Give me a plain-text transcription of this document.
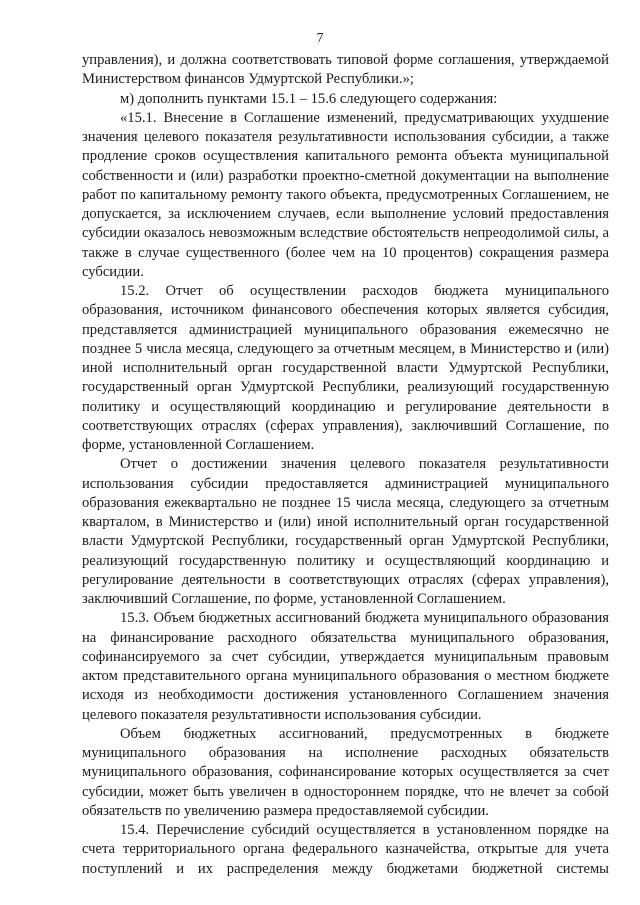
7

управления), и должна соответствовать типовой форме соглашения, утверждаемой Министерством финансов Удмуртской Республики.»;

м) дополнить пунктами 15.1 – 15.6 следующего содержания:

«15.1. Внесение в Соглашение изменений, предусматривающих ухудшение значения целевого показателя результативности использования субсидии, а также продление сроков осуществления капитального ремонта объекта муниципальной собственности и (или) разработки проектно-сметной документации на выполнение работ по капитальному ремонту такого объекта, предусмотренных Соглашением, не допускается, за исключением случаев, если выполнение условий предоставления субсидии оказалось невозможным вследствие обстоятельств непреодолимой силы, а также в случае существенного (более чем на 10 процентов) сокращения размера субсидии.

15.2. Отчет об осуществлении расходов бюджета муниципального образования, источником финансового обеспечения которых является субсидия, представляется администрацией муниципального образования ежемесячно не позднее 5 числа месяца, следующего за отчетным месяцем, в Министерство и (или) иной исполнительный орган государственной власти Удмуртской Республики, государственный орган Удмуртской Республики, реализующий государственную политику и осуществляющий координацию и регулирование деятельности в соответствующих отраслях (сферах управления), заключивший Соглашение, по форме, установленной Соглашением.

Отчет о достижении значения целевого показателя результативности использования субсидии предоставляется администрацией муниципального образования ежеквартально не позднее 15 числа месяца, следующего за отчетным кварталом, в Министерство и (или) иной исполнительный орган государственной власти Удмуртской Республики, государственный орган Удмуртской Республики, реализующий государственную политику и осуществляющий координацию и регулирование деятельности в соответствующих отраслях (сферах управления), заключивший Соглашение, по форме, установленной Соглашением.

15.3. Объем бюджетных ассигнований бюджета муниципального образования на финансирование расходного обязательства муниципального образования, софинансируемого за счет субсидии, утверждается муниципальным правовым актом представительного органа муниципального образования о местном бюджете исходя из необходимости достижения установленного Соглашением значения целевого показателя результативности использования субсидии.

Объем бюджетных ассигнований, предусмотренных в бюджете муниципального образования на исполнение расходных обязательств муниципального образования, софинансирование которых осуществляется за счет субсидии, может быть увеличен в одностороннем порядке, что не влечет за собой обязательств по увеличению размера предоставляемой субсидии.

15.4. Перечисление субсидий осуществляется в установленном порядке на счета территориального органа федерального казначейства, открытые для учета поступлений и их распределения между бюджетами бюджетной системы
